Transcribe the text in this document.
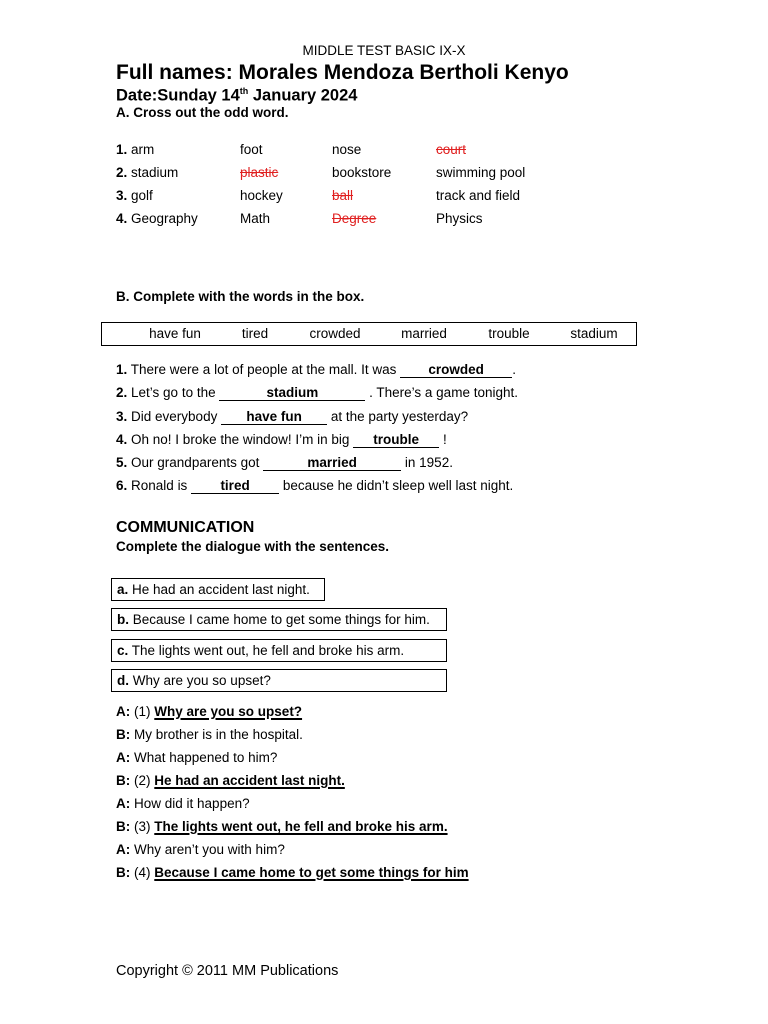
MIDDLE TEST BASIC IX-X
Full names: Morales Mendoza Bertholi Kenyo
Date:Sunday 14th January 2024
A. Cross out the odd word.
1. arm	foot	nose	court
2. stadium	plastic	bookstore	swimming pool
3. golf	hockey	ball	track and field
4. Geography	Math	Degree	Physics
B. Complete with the words in the box.
have fun	tired	crowded	married	trouble	stadium
1. There were a lot of people at the mall. It was crowded .
2. Let’s go to the	stadium	. There’s a game tonight.
3. Did everybody have fun at the party yesterday?
4. Oh no! I broke the window! I’m in big trouble !
5. Our grandparents got	married	in 1952.
6. Ronald is tired because he didn’t sleep well last night.
COMMUNICATION
Complete the dialogue with the sentences.
a. He had an accident last night.
b. Because I came home to get some things for him.
c. The lights went out, he fell and broke his arm.
d. Why are you so upset?
A: (1) Why are you so upset?
B: My brother is in the hospital.
A: What happened to him?
B: (2) He had an accident last night.
A: How did it happen?
B: (3) The lights went out, he fell and broke his arm.
A: Why aren’t you with him?
B: (4) Because I came home to get some things for him
Copyright © 2011 MM Publications
